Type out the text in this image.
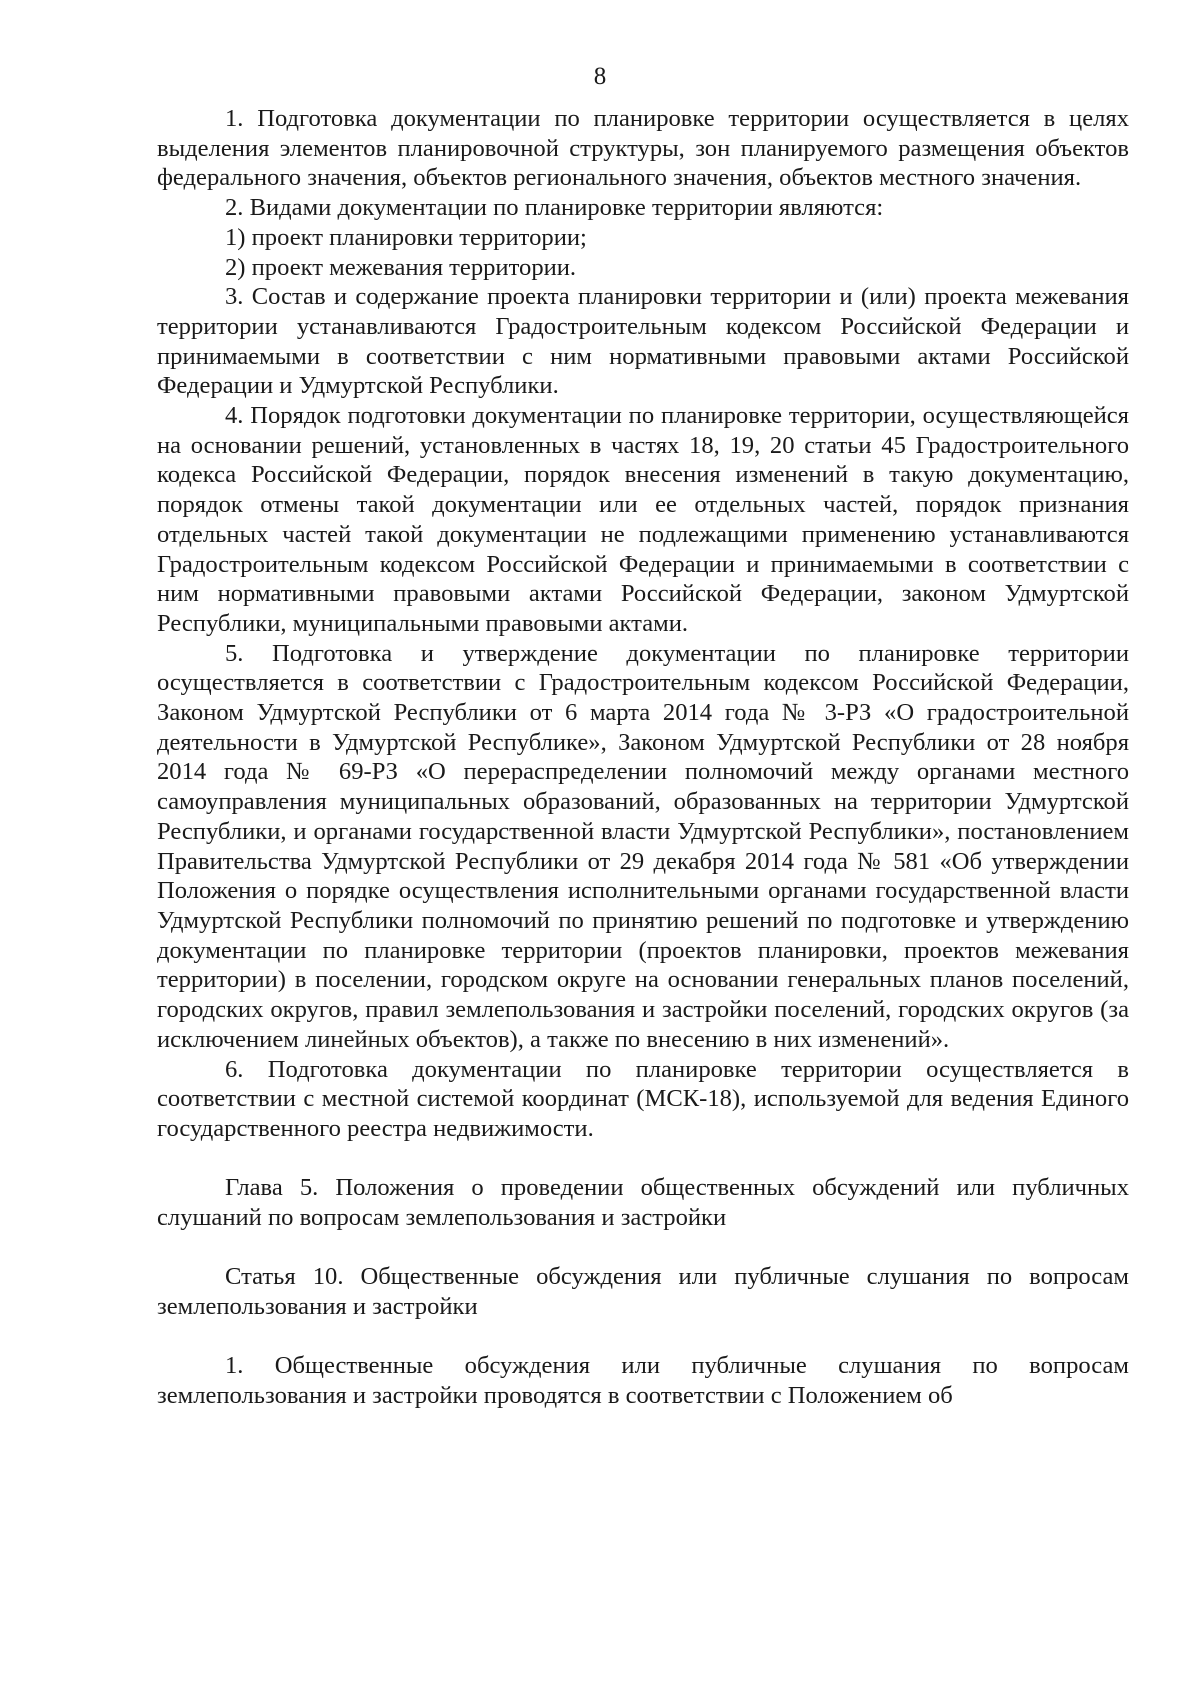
8

1. Подготовка документации по планировке территории осуществляется в целях выделения элементов планировочной структуры, зон планируемого размещения объектов федерального значения, объектов регионального значения, объектов местного значения.

2. Видами документации по планировке территории являются:

1) проект планировки территории;

2) проект межевания территории.

3. Состав и содержание проекта планировки территории и (или) проекта межевания территории устанавливаются Градостроительным кодексом Российской Федерации и принимаемыми в соответствии с ним нормативными правовыми актами Российской Федерации и Удмуртской Республики.

4. Порядок подготовки документации по планировке территории, осуществляющейся на основании решений, установленных в частях 18, 19, 20 статьи 45 Градостроительного кодекса Российской Федерации, порядок внесения изменений в такую документацию, порядок отмены такой документации или ее отдельных частей, порядок признания отдельных частей такой документации не подлежащими применению устанавливаются Градостроительным кодексом Российской Федерации и принимаемыми в соответствии с ним нормативными правовыми актами Российской Федерации, законом Удмуртской Республики, муниципальными правовыми актами.

5. Подготовка и утверждение документации по планировке территории осуществляется в соответствии с Градостроительным кодексом Российской Федерации, Законом Удмуртской Республики от 6 марта 2014 года № 3-РЗ «О градостроительной деятельности в Удмуртской Республике», Законом Удмуртской Республики от 28 ноября 2014 года № 69-РЗ «О перераспределении полномочий между органами местного самоуправления муниципальных образований, образованных на территории Удмуртской Республики, и органами государственной власти Удмуртской Республики», постановлением Правительства Удмуртской Республики от 29 декабря 2014 года № 581 «Об утверждении Положения о порядке осуществления исполнительными органами государственной власти Удмуртской Республики полномочий по принятию решений по подготовке и утверждению документации по планировке территории (проектов планировки, проектов межевания территории) в поселении, городском округе на основании генеральных планов поселений, городских округов, правил землепользования и застройки поселений, городских округов (за исключением линейных объектов), а также по внесению в них изменений».

6. Подготовка документации по планировке территории осуществляется в соответствии с местной системой координат (МСК-18), используемой для ведения Единого государственного реестра недвижимости.

Глава 5. Положения о проведении общественных обсуждений или публичных слушаний по вопросам землепользования и застройки

Статья 10. Общественные обсуждения или публичные слушания по вопросам землепользования и застройки

1. Общественные обсуждения или публичные слушания по вопросам землепользования и застройки проводятся в соответствии с Положением об
